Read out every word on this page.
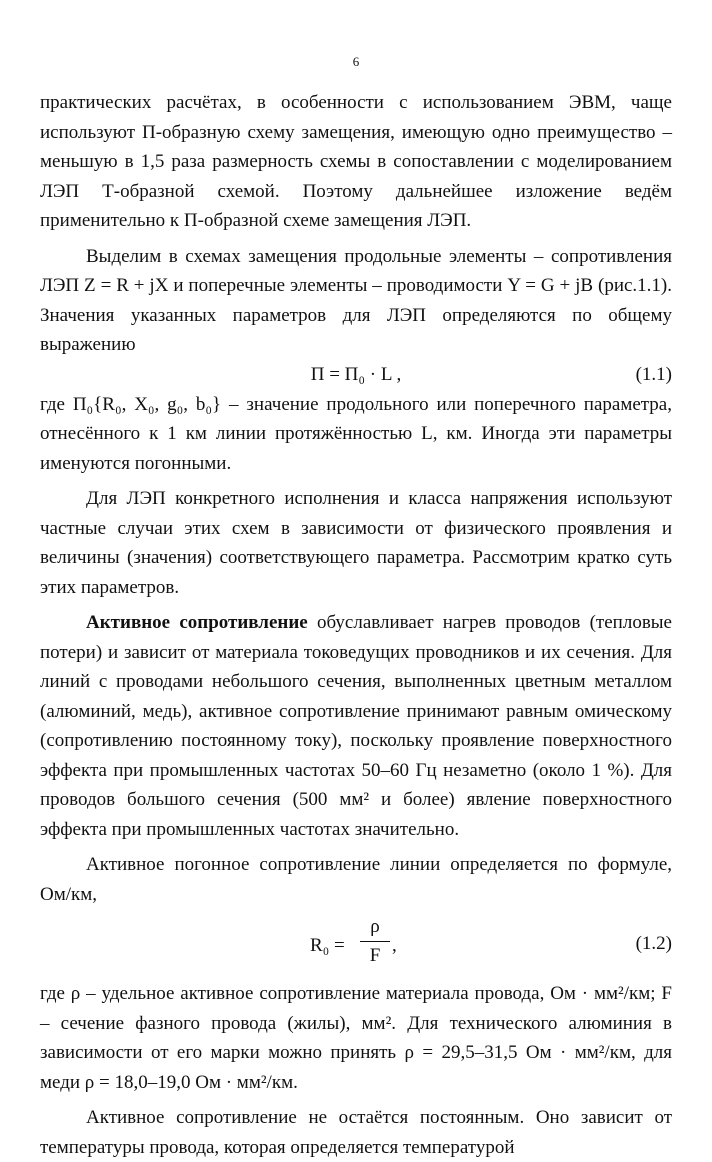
6

практических расчётах, в особенности с использованием ЭВМ, чаще используют П-образную схему замещения, имеющую одно преимущество – меньшую в 1,5 раза размерность схемы в сопоставлении с моделированием ЛЭП Т-образной схемой. Поэтому дальнейшее изложение ведём применительно к П-образной схеме замещения ЛЭП.

Выделим в схемах замещения продольные элементы – сопротивления ЛЭП Z = R + jX и поперечные элементы – проводимости Y = G + jB (рис.1.1). Значения указанных параметров для ЛЭП определяются по общему выражению

П = П₀ · L ,	(1.1)

где П₀{R₀, X₀, g₀, b₀} – значение продольного или поперечного параметра, отнесённого к 1 км линии протяжённостью L, км. Иногда эти параметры именуются погонными.

Для ЛЭП конкретного исполнения и класса напряжения используют частные случаи этих схем в зависимости от физического проявления и величины (значения) соответствующего параметра. Рассмотрим кратко суть этих параметров.

Активное сопротивление обуславливает нагрев проводов (тепловые потери) и зависит от материала токоведущих проводников и их сечения. Для линий с проводами небольшого сечения, выполненных цветным металлом (алюминий, медь), активное сопротивление принимают равным омическому (сопротивлению постоянному току), поскольку проявление поверхностного эффекта при промышленных частотах 50–60 Гц незаметно (около 1 %). Для проводов большого сечения (500 мм² и более) явление поверхностного эффекта при промышленных частотах значительно.

Активное погонное сопротивление линии определяется по формуле, Ом/км,

R₀ =
ρ
F ,	(1.2)

где ρ – удельное активное сопротивление материала провода, Ом · мм²/км; F – сечение фазного провода (жилы), мм². Для технического алюминия в зависимости от его марки можно принять ρ = 29,5–31,5 Ом · мм²/км, для меди ρ = 18,0–19,0 Ом · мм²/км.

Активное сопротивление не остаётся постоянным. Оно зависит от температуры провода, которая определяется температурой
